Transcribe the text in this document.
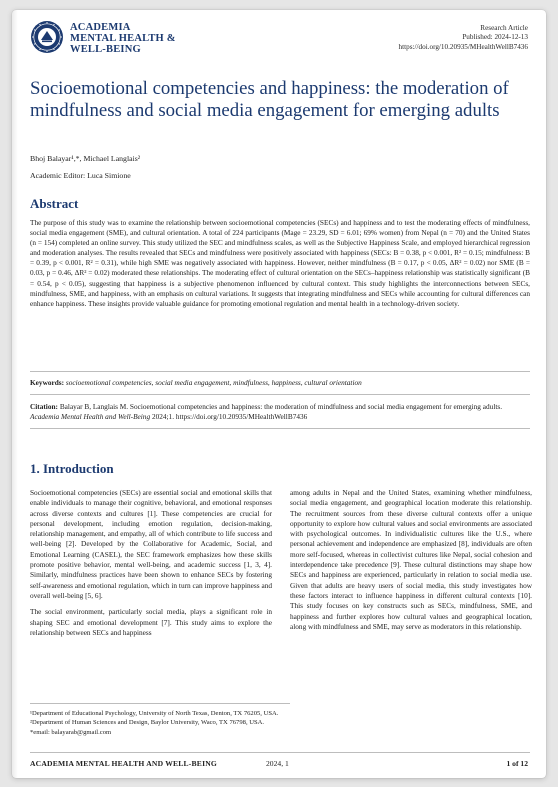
ACADEMIA
MENTAL HEALTH &
WELL-BEING
Research Article
Published: 2024-12-13
https://doi.org/10.20935/MHealthWellB7436
Socioemotional competencies and happiness: the moderation of mindfulness and social media engagement for emerging adults
Bhoj Balayar¹,*, Michael Langlais²
Academic Editor: Luca Simione
Abstract
The purpose of this study was to examine the relationship between socioemotional competencies (SECs) and happiness and to test the moderating effects of mindfulness, social media engagement (SME), and cultural orientation. A total of 224 participants (Mage = 23.29, SD = 6.01; 69% women) from Nepal (n = 70) and the United States (n = 154) completed an online survey. This study utilized the SEC and mindfulness scales, as well as the Subjective Happiness Scale, and employed hierarchical regression and moderation analyses. The results revealed that SECs and mindfulness were positively associated with happiness (SECs: B = 0.38, p < 0.001, R² = 0.15; mindfulness: B = 0.39, p < 0.001, R² = 0.31), while high SME was negatively associated with happiness. However, neither mindfulness (B = 0.17, p < 0.05, ΔR² = 0.02) nor SME (B = 0.03, p = 0.46, ΔR² = 0.02) moderated these relationships. The moderating effect of cultural orientation on the SECs–happiness relationship was statistically significant (B = 0.54, p < 0.05), suggesting that happiness is a subjective phenomenon influenced by cultural context. This study highlights the interconnections between SECs, mindfulness, SME, and happiness, with an emphasis on cultural variations. It suggests that integrating mindfulness and SECs while accounting for cultural differences can enhance happiness. These insights provide valuable guidance for promoting emotional regulation and mental health in a technology-driven society.
Keywords: socioemotional competencies, social media engagement, mindfulness, happiness, cultural orientation
Citation: Balayar B, Langlais M. Socioemotional competencies and happiness: the moderation of mindfulness and social media engagement for emerging adults. Academia Mental Health and Well-Being 2024;1. https://doi.org/10.20935/MHealthWellB7436
1. Introduction

Socioemotional competencies (SECs) are essential social and emotional skills that enable individuals to manage their cognitive, behavioral, and emotional responses across diverse contexts and cultures [1]. These competencies are crucial for personal development, including emotion regulation, decision-making, relationship management, and empathy, all of which contribute to life success and well-being [2]. Developed by the Collaborative for Academic, Social, and Emotional Learning (CASEL), the SEC framework emphasizes how these skills promote positive behavior, mental well-being, and academic success [1, 3, 4]. Similarly, mindfulness practices have been shown to enhance SECs by fostering self-awareness and emotional regulation, which in turn can improve happiness and overall well-being [5, 6].

The social environment, particularly social media, plays a significant role in shaping SEC and emotional development [7]. This study aims to explore the relationship between SECs and happiness

among adults in Nepal and the United States, examining whether mindfulness, social media engagement, and geographical location moderate this relationship. The recruitment sources from these diverse cultural contexts offer a unique opportunity to explore how cultural values and social environments are associated with psychological outcomes. In individualistic cultures like the U.S., where personal achievement and independence are emphasized [8], individuals are often more self-focused, whereas in collectivist cultures like Nepal, social cohesion and interdependence take precedence [9]. These cultural distinctions may shape how SECs and happiness are experienced, particularly in relation to social media use. Given that adults are heavy users of social media, this study investigates how these factors interact to influence happiness in different cultural contexts [10]. This study focuses on key constructs such as SECs, mindfulness, SME, and happiness and further explores how cultural values and geographical location, along with mindfulness and SME, may serve as moderators in this relationship.

¹Department of Educational Psychology, University of North Texas, Denton, TX 76205, USA.
²Department of Human Sciences and Design, Baylor University, Waco, TX 76798, USA.
*email: balayarab@gmail.com
ACADEMIA MENTAL HEALTH AND WELL-BEING	2024, 1	1 of 12
